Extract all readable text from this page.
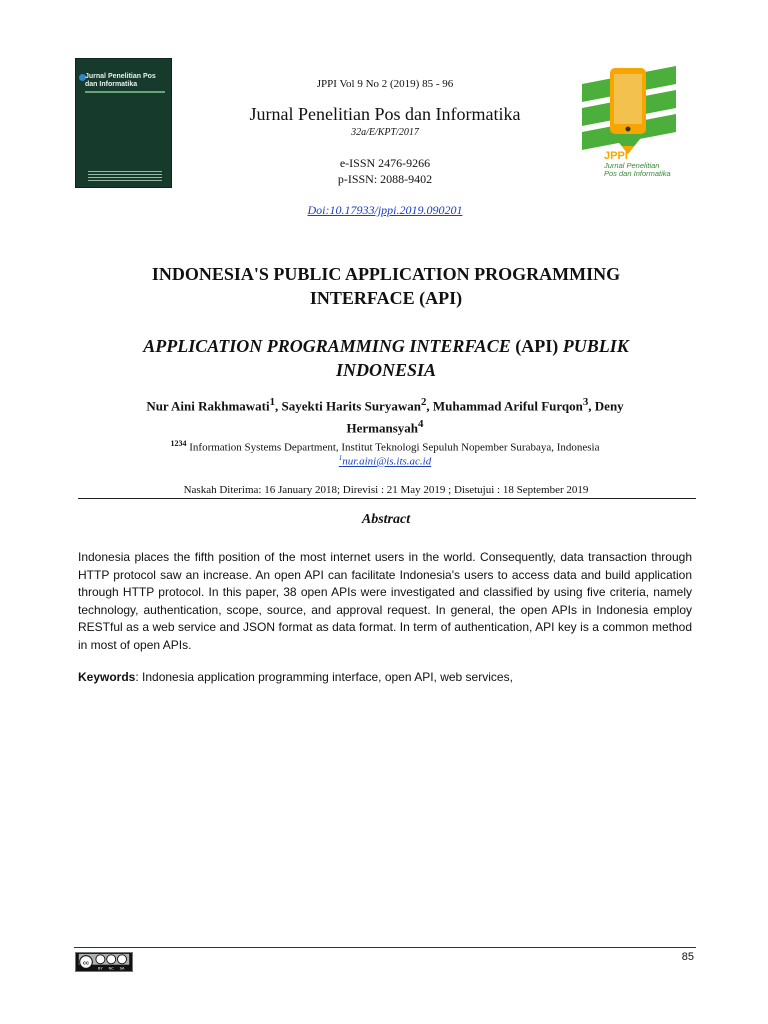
Jurnal Penelitian Pos dan Informatika	JPPI Vol 9 No 2 (2019) 85 - 96
Jurnal Penelitian Pos dan Informatika
32a/E/KPT/2017
e-ISSN 2476-9266
p-ISSN: 2088-9402
Doi:10.17933/jppi.2019.090201
JPPI
Jurnal Penelitian Pos dan Informatika
INDONESIA'S PUBLIC APPLICATION PROGRAMMING
INTERFACE (API)
APPLICATION PROGRAMMING INTERFACE (API) PUBLIK
INDONESIA
Nur Aini Rakhmawati$^1$, Sayekti Harits Suryawan$^2$, Muhammad Ariful Furqon$^3$, Deny
Hermansyah$^4$
$^{1234}$ Information Systems Department, Institut Teknologi Sepuluh Nopember Surabaya, Indonesia
$^1$nur.aini@is.its.ac.id
Naskah Diterima: 16 January 2018; Direvisi : 21 May 2019 ; Disetujui : 18 September 2019
Abstract
Indonesia places the fifth position of the most internet users in the world. Consequently, data transaction through HTTP protocol saw an increase. An open API can facilitate Indonesia's users to access data and build application through HTTP protocol. In this paper, 38 open APIs were investigated and classified by using five criteria, namely technology, authentication, scope, source, and approval request. In general, the open APIs in Indonesia employ RESTful as a web service and JSON format as data format. In term of authentication, API key is a common method in most of open APIs.
Keywords: Indonesia application programming interface, open API, web services,
cc
BY NC SA
85
